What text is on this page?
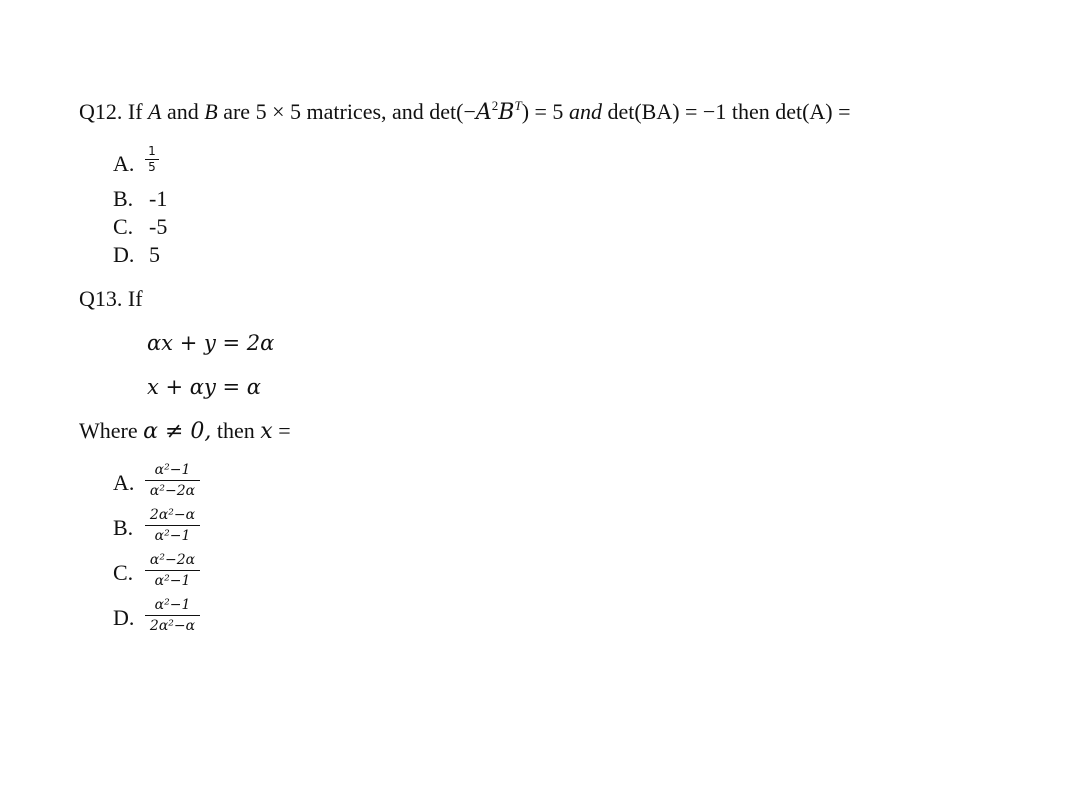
Q12. If A and B are 5 × 5 matrices, and $\det(-A^2B^T) = 5$ and det(BA) = −1 then det(A) =
A.	1
5
B. -1
C. -5
D. 5
Q13. If
αx + y = 2α
x + αy = α
Where α ≠ 0, then x =
A.	α²−1
α²−2α
B.	2α²−α
α²−1
C.	α²−2α
α²−1
D.	α²−1
2α²−α
